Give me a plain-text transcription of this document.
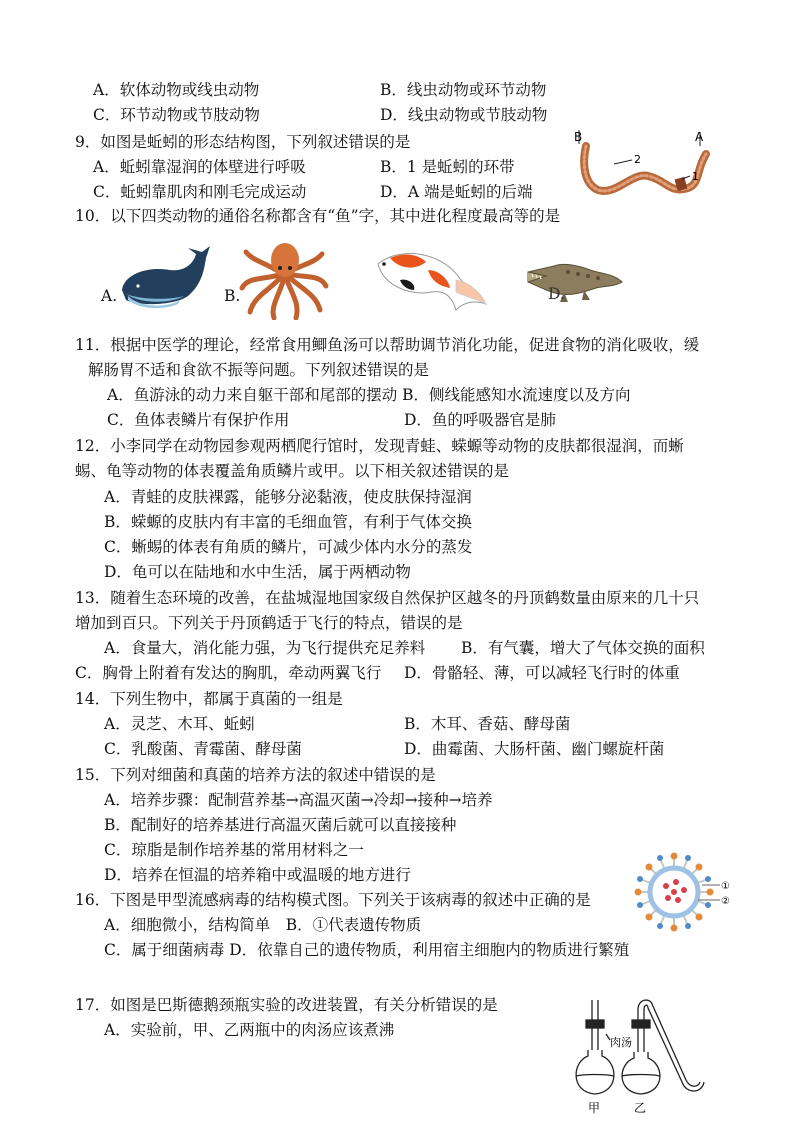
A．软体动物或线虫动物	B．线虫动物或环节动物
C．环节动物或节肢动物	D．线虫动物或节肢动物
9．如图是蚯蚓的形态结构图，下列叙述错误的是
A．蚯蚓靠湿润的体壁进行呼吸	B．1 是蚯蚓的环带
C．蚯蚓靠肌肉和刚毛完成运动	D．A 端是蚯蚓的后端
B	A
2
1
10．以下四类动物的通俗名称都含有“鱼”字，其中进化程度最高等的是
A.	B.	D.
11．根据中医学的理论，经常食用鲫鱼汤可以帮助调节消化功能，促进食物的消化吸收，缓
解肠胃不适和食欲不振等问题。下列叙述错误的是
A．鱼游泳的动力来自躯干部和尾部的摆动 B．侧线能感知水流速度以及方向
C．鱼体表鳞片有保护作用	D．鱼的呼吸器官是肺
12．小李同学在动物园参观两栖爬行馆时，发现青蛙、蝾螈等动物的皮肤都很湿润，而蜥
蜴、龟等动物的体表覆盖角质鳞片或甲。以下相关叙述错误的是
A．青蛙的皮肤裸露，能够分泌黏液，使皮肤保持湿润
B．蝾螈的皮肤内有丰富的毛细血管，有利于气体交换
C．蜥蜴的体表有角质的鳞片，可减少体内水分的蒸发
D．龟可以在陆地和水中生活，属于两栖动物
13．随着生态环境的改善，在盐城湿地国家级自然保护区越冬的丹顶鹤数量由原来的几十只
增加到百只。下列关于丹顶鹤适于飞行的特点，错误的是
A．食量大，消化能力强，为飞行提供充足养料 B．有气囊，增大了气体交换的面积
C．胸骨上附着有发达的胸肌，牵动两翼飞行 D．骨骼轻、薄，可以减轻飞行时的体重
14．下列生物中，都属于真菌的一组是
A．灵芝、木耳、蚯蚓	B．木耳、香菇、酵母菌
C．乳酸菌、青霉菌、酵母菌	D．曲霉菌、大肠杆菌、幽门螺旋杆菌
15．下列对细菌和真菌的培养方法的叙述中错误的是
A．培养步骤：配制营养基→高温灭菌→冷却→接种→培养
B．配制好的培养基进行高温灭菌后就可以直接接种
C．琼脂是制作培养基的常用材料之一
D．培养在恒温的培养箱中或温暖的地方进行
①
②
16．下图是甲型流感病毒的结构模式图。下列关于该病毒的叙述中正确的是
A．细胞微小，结构简单　B．①代表遗传物质
C．属于细菌病毒 D．依靠自己的遗传物质，利用宿主细胞内的物质进行繁殖
17．如图是巴斯德鹅颈瓶实验的改进装置，有关分析错误的是
A．实验前，甲、乙两瓶中的肉汤应该煮沸
肉汤
甲	乙
